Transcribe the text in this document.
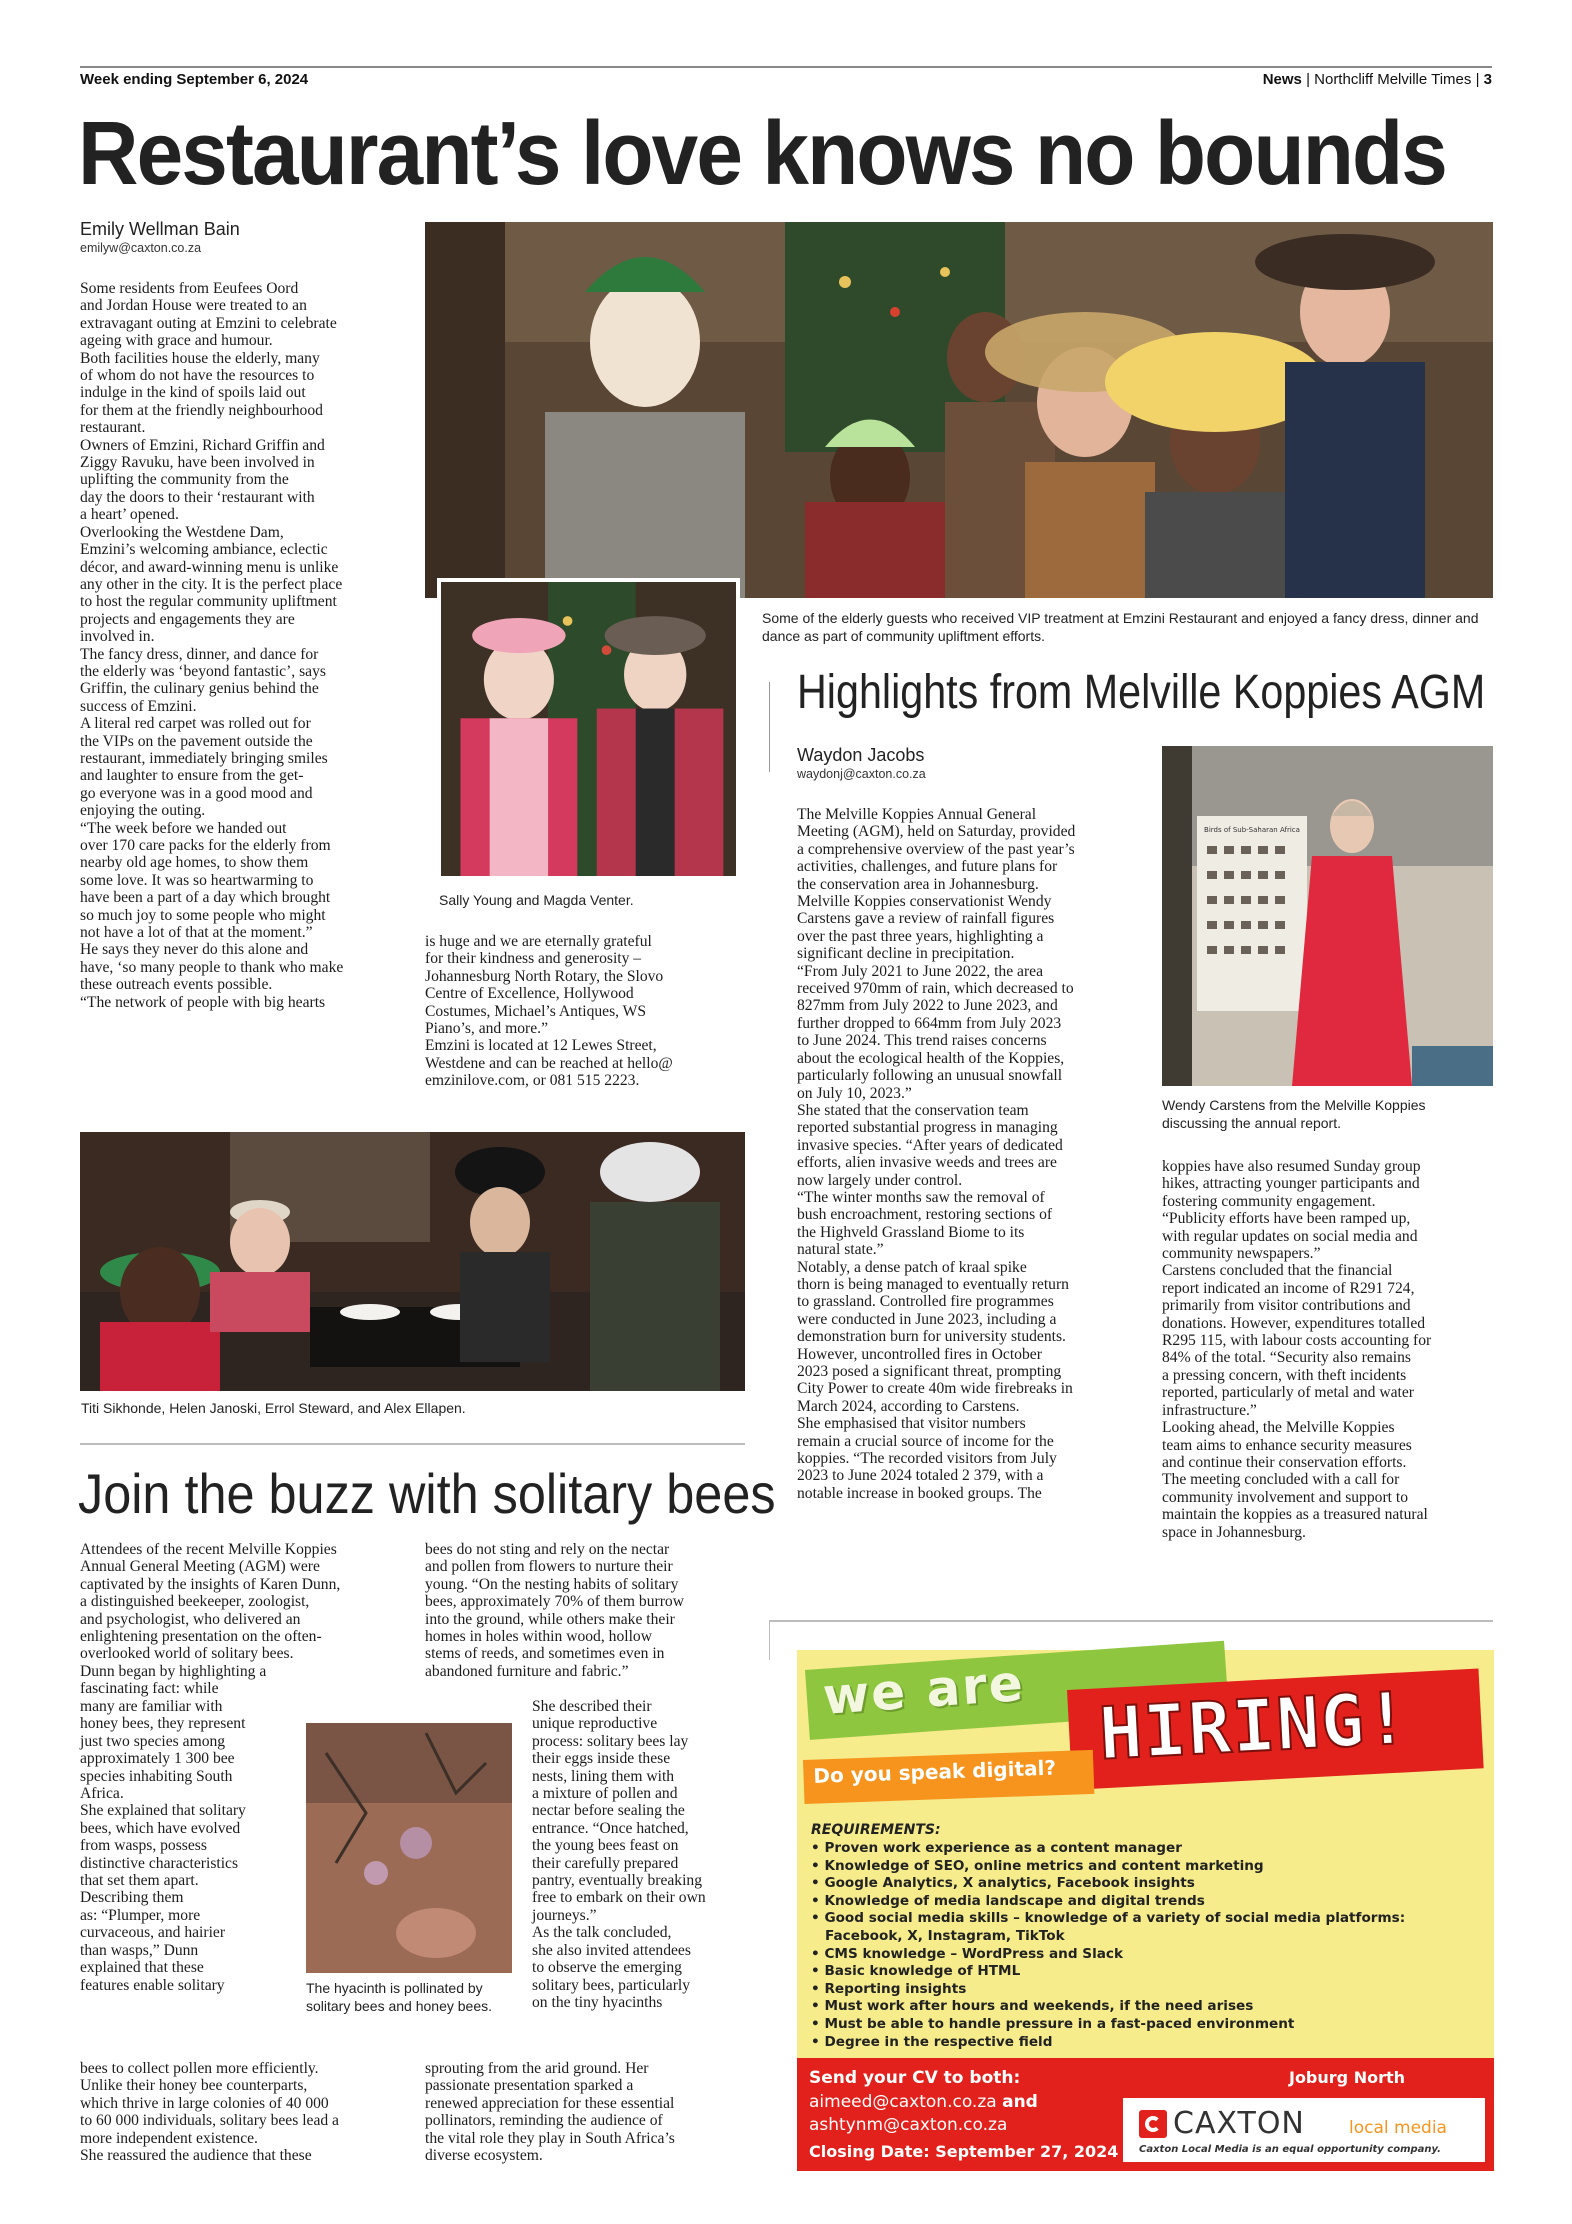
Week ending September 6, 2024	News | Northcliff Melville Times | 3
Restaurant’s love knows no bounds
Emily Wellman Bain
emilyw@caxton.co.za
Some residents from Eeufees Oord
and Jordan House were treated to an
extravagant outing at Emzini to celebrate
ageing with grace and humour.
Both facilities house the elderly, many
of whom do not have the resources to
indulge in the kind of spoils laid out
for them at the friendly neighbourhood
restaurant.
Owners of Emzini, Richard Griffin and
Ziggy Ravuku, have been involved in
uplifting the community from the
day the doors to their ‘restaurant with
a heart’ opened.
Overlooking the Westdene Dam,
Emzini’s welcoming ambiance, eclectic
décor, and award-winning menu is unlike
any other in the city. It is the perfect place
to host the regular community upliftment
projects and engagements they are
involved in.
The fancy dress, dinner, and dance for
the elderly was ‘beyond fantastic’, says
Griffin, the culinary genius behind the
success of Emzini.
A literal red carpet was rolled out for
the VIPs on the pavement outside the
restaurant, immediately bringing smiles
and laughter to ensure from the get-
go everyone was in a good mood and
enjoying the outing.
“The week before we handed out
over 170 care packs for the elderly from
nearby old age homes, to show them
some love. It was so heartwarming to
have been a part of a day which brought
so much joy to some people who might
not have a lot of that at the moment.”
He says they never do this alone and
have, ‘so many people to thank who make
these outreach events possible.
“The network of people with big hearts
Some of the elderly guests who received VIP treatment at Emzini Restaurant and enjoyed a fancy dress, dinner and dance as part of community upliftment efforts.
Sally Young and Magda Venter.
is huge and we are eternally grateful
for their kindness and generosity –
Johannesburg North Rotary, the Slovo
Centre of Excellence, Hollywood
Costumes, Michael’s Antiques, WS
Piano’s, and more.”
Emzini is located at 12 Lewes Street,
Westdene and can be reached at hello@
emzinilove.com, or 081 515 2223.
Titi Sikhonde, Helen Janoski, Errol Steward, and Alex Ellapen.
Join the buzz with solitary bees
Attendees of the recent Melville Koppies
Annual General Meeting (AGM) were
captivated by the insights of Karen Dunn,
a distinguished beekeeper, zoologist,
and psychologist, who delivered an
enlightening presentation on the often-
overlooked world of solitary bees.
Dunn began by highlighting a
fascinating fact: while
many are familiar with
honey bees, they represent
just two species among
approximately 1 300 bee
species inhabiting South
Africa.
She explained that solitary
bees, which have evolved
from wasps, possess
distinctive characteristics
that set them apart.
Describing them
as: “Plumper, more
curvaceous, and hairier
than wasps,” Dunn
explained that these
features enable solitary
bees to collect pollen more efficiently.
Unlike their honey bee counterparts,
which thrive in large colonies of 40 000
to 60 000 individuals, solitary bees lead a
more independent existence.
She reassured the audience that these
The hyacinth is pollinated by solitary bees and honey bees.
bees do not sting and rely on the nectar
and pollen from flowers to nurture their
young. “On the nesting habits of solitary
bees, approximately 70% of them burrow
into the ground, while others make their
homes in holes within wood, hollow
stems of reeds, and sometimes even in
abandoned furniture and fabric.”
She described their
unique reproductive
process: solitary bees lay
their eggs inside these
nests, lining them with
a mixture of pollen and
nectar before sealing the
entrance. “Once hatched,
the young bees feast on
their carefully prepared
pantry, eventually breaking
free to embark on their own
journeys.”
As the talk concluded,
she also invited attendees
to observe the emerging
solitary bees, particularly
on the tiny hyacinths
sprouting from the arid ground. Her
passionate presentation sparked a
renewed appreciation for these essential
pollinators, reminding the audience of
the vital role they play in South Africa’s
diverse ecosystem.
Highlights from Melville Koppies AGM
Waydon Jacobs
waydonj@caxton.co.za
The Melville Koppies Annual General
Meeting (AGM), held on Saturday, provided
a comprehensive overview of the past year’s
activities, challenges, and future plans for
the conservation area in Johannesburg.
Melville Koppies conservationist Wendy
Carstens gave a review of rainfall figures
over the past three years, highlighting a
significant decline in precipitation.
“From July 2021 to June 2022, the area
received 970mm of rain, which decreased to
827mm from July 2022 to June 2023, and
further dropped to 664mm from July 2023
to June 2024. This trend raises concerns
about the ecological health of the Koppies,
particularly following an unusual snowfall
on July 10, 2023.”
She stated that the conservation team
reported substantial progress in managing
invasive species. “After years of dedicated
efforts, alien invasive weeds and trees are
now largely under control.
“The winter months saw the removal of
bush encroachment, restoring sections of
the Highveld Grassland Biome to its
natural state.”
Notably, a dense patch of kraal spike
thorn is being managed to eventually return
to grassland. Controlled fire programmes
were conducted in June 2023, including a
demonstration burn for university students.
However, uncontrolled fires in October
2023 posed a significant threat, prompting
City Power to create 40m wide firebreaks in
March 2024, according to Carstens.
She emphasised that visitor numbers
remain a crucial source of income for the
koppies. “The recorded visitors from July
2023 to June 2024 totaled 2 379, with a
notable increase in booked groups. The
Birds of Sub-Saharan Africa
Wendy Carstens from the Melville Koppies discussing the annual report.
koppies have also resumed Sunday group
hikes, attracting younger participants and
fostering community engagement.
“Publicity efforts have been ramped up,
with regular updates on social media and
community newspapers.”
Carstens concluded that the financial
report indicated an income of R291 724,
primarily from visitor contributions and
donations. However, expenditures totalled
R295 115, with labour costs accounting for
84% of the total. “Security also remains
a pressing concern, with theft incidents
reported, particularly of metal and water
infrastructure.”
Looking ahead, the Melville Koppies
team aims to enhance security measures
and continue their conservation efforts.
The meeting concluded with a call for
community involvement and support to
maintain the koppies as a treasured natural
space in Johannesburg.
we are HIRING!
Do you speak digital?
REQUIREMENTS:
• Proven work experience as a content manager
• Knowledge of SEO, online metrics and content marketing
• Google Analytics, X analytics, Facebook insights
• Knowledge of media landscape and digital trends
• Good social media skills – knowledge of a variety of social media platforms:
Facebook, X, Instagram, TikTok
• CMS knowledge – WordPress and Slack
• Basic knowledge of HTML
• Reporting insights
• Must work after hours and weekends, if the need arises
• Must be able to handle pressure in a fast-paced environment
• Degree in the respective field
Send your CV to both:
aimeed@caxton.co.za and
ashtynm@caxton.co.za
Closing Date: September 27, 2024
Joburg North
CAXTON	local media
Caxton Local Media is an equal opportunity company.
